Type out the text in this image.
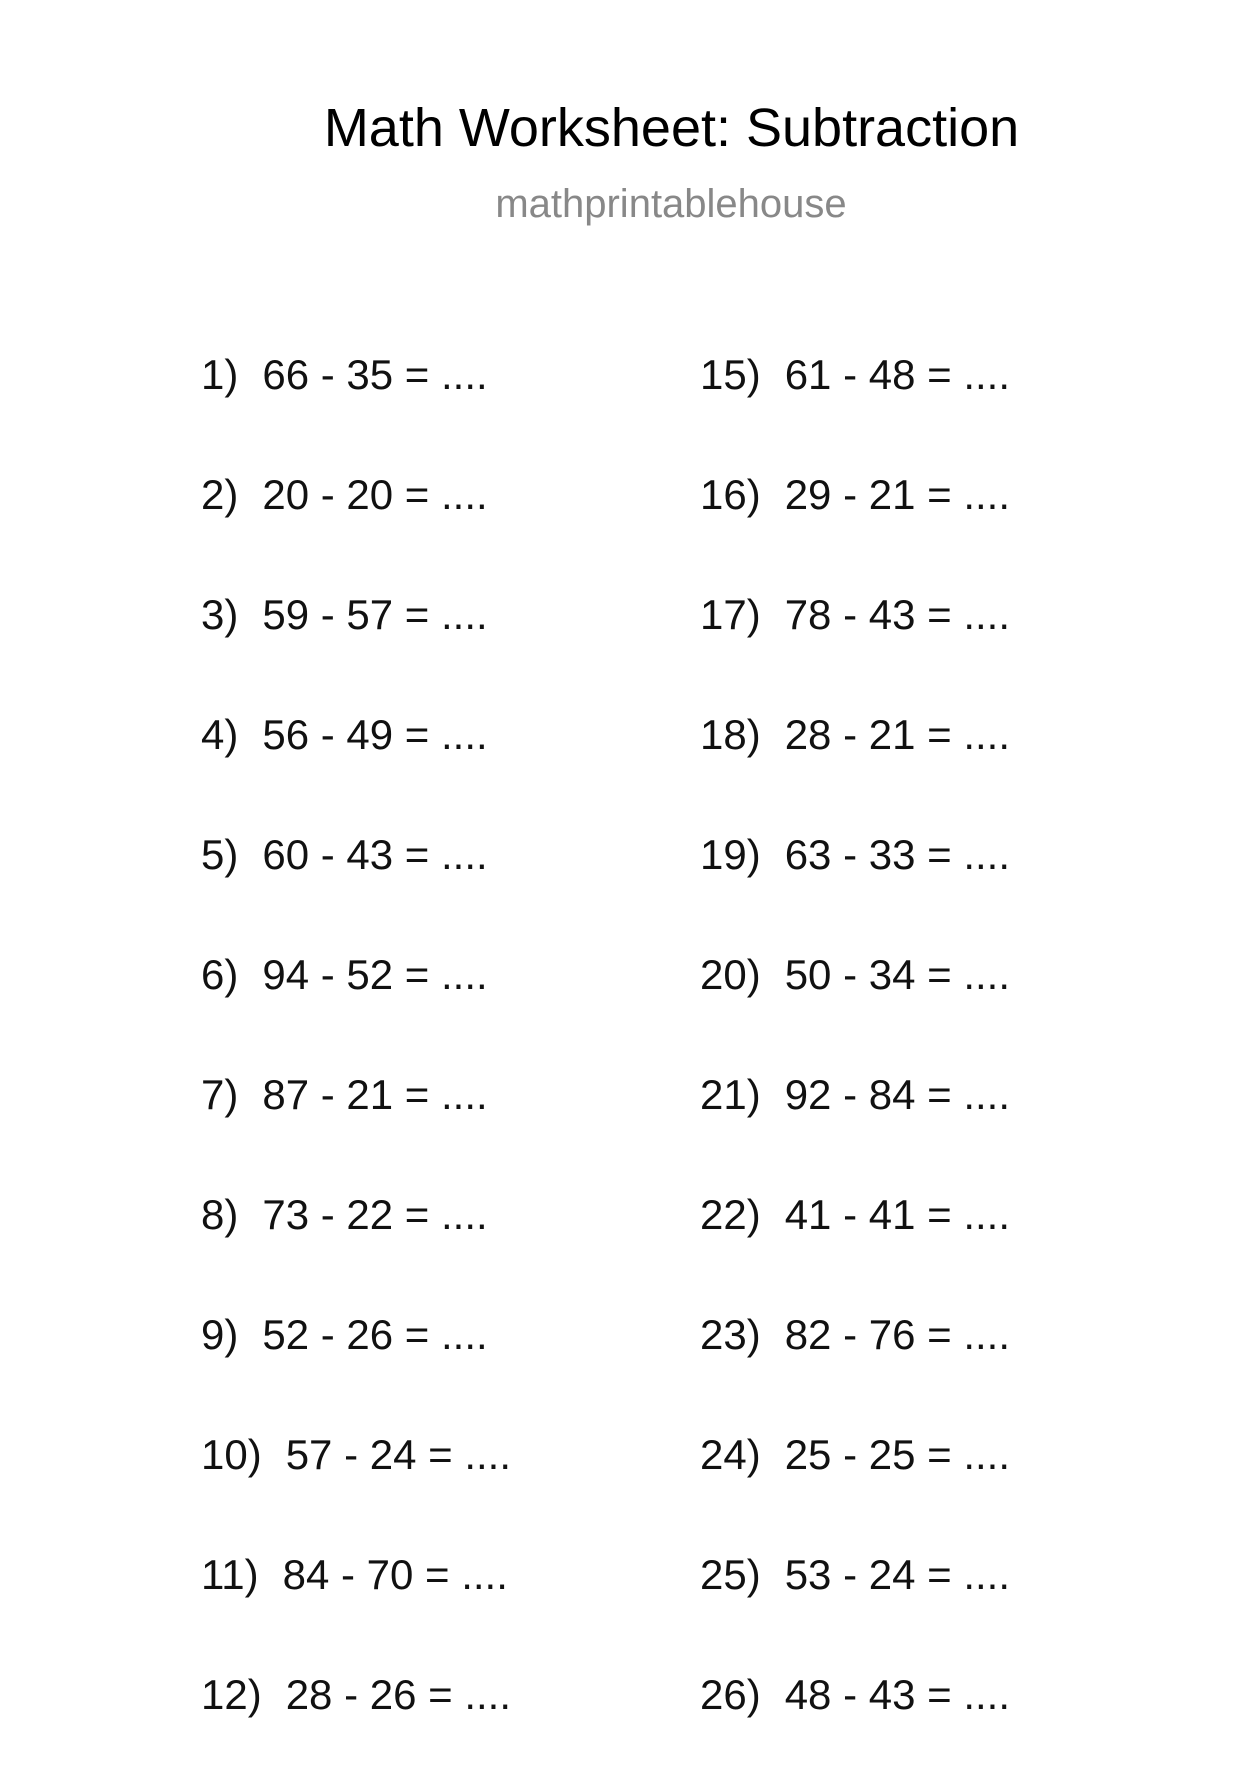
Math Worksheet: Subtraction
mathprintablehouse
1) 66 - 35 = ....
2) 20 - 20 = ....
3) 59 - 57 = ....
4) 56 - 49 = ....
5) 60 - 43 = ....
6) 94 - 52 = ....
7) 87 - 21 = ....
8) 73 - 22 = ....
9) 52 - 26 = ....
10) 57 - 24 = ....
11) 84 - 70 = ....
12) 28 - 26 = ....
15) 61 - 48 = ....
16) 29 - 21 = ....
17) 78 - 43 = ....
18) 28 - 21 = ....
19) 63 - 33 = ....
20) 50 - 34 = ....
21) 92 - 84 = ....
22) 41 - 41 = ....
23) 82 - 76 = ....
24) 25 - 25 = ....
25) 53 - 24 = ....
26) 48 - 43 = ....
